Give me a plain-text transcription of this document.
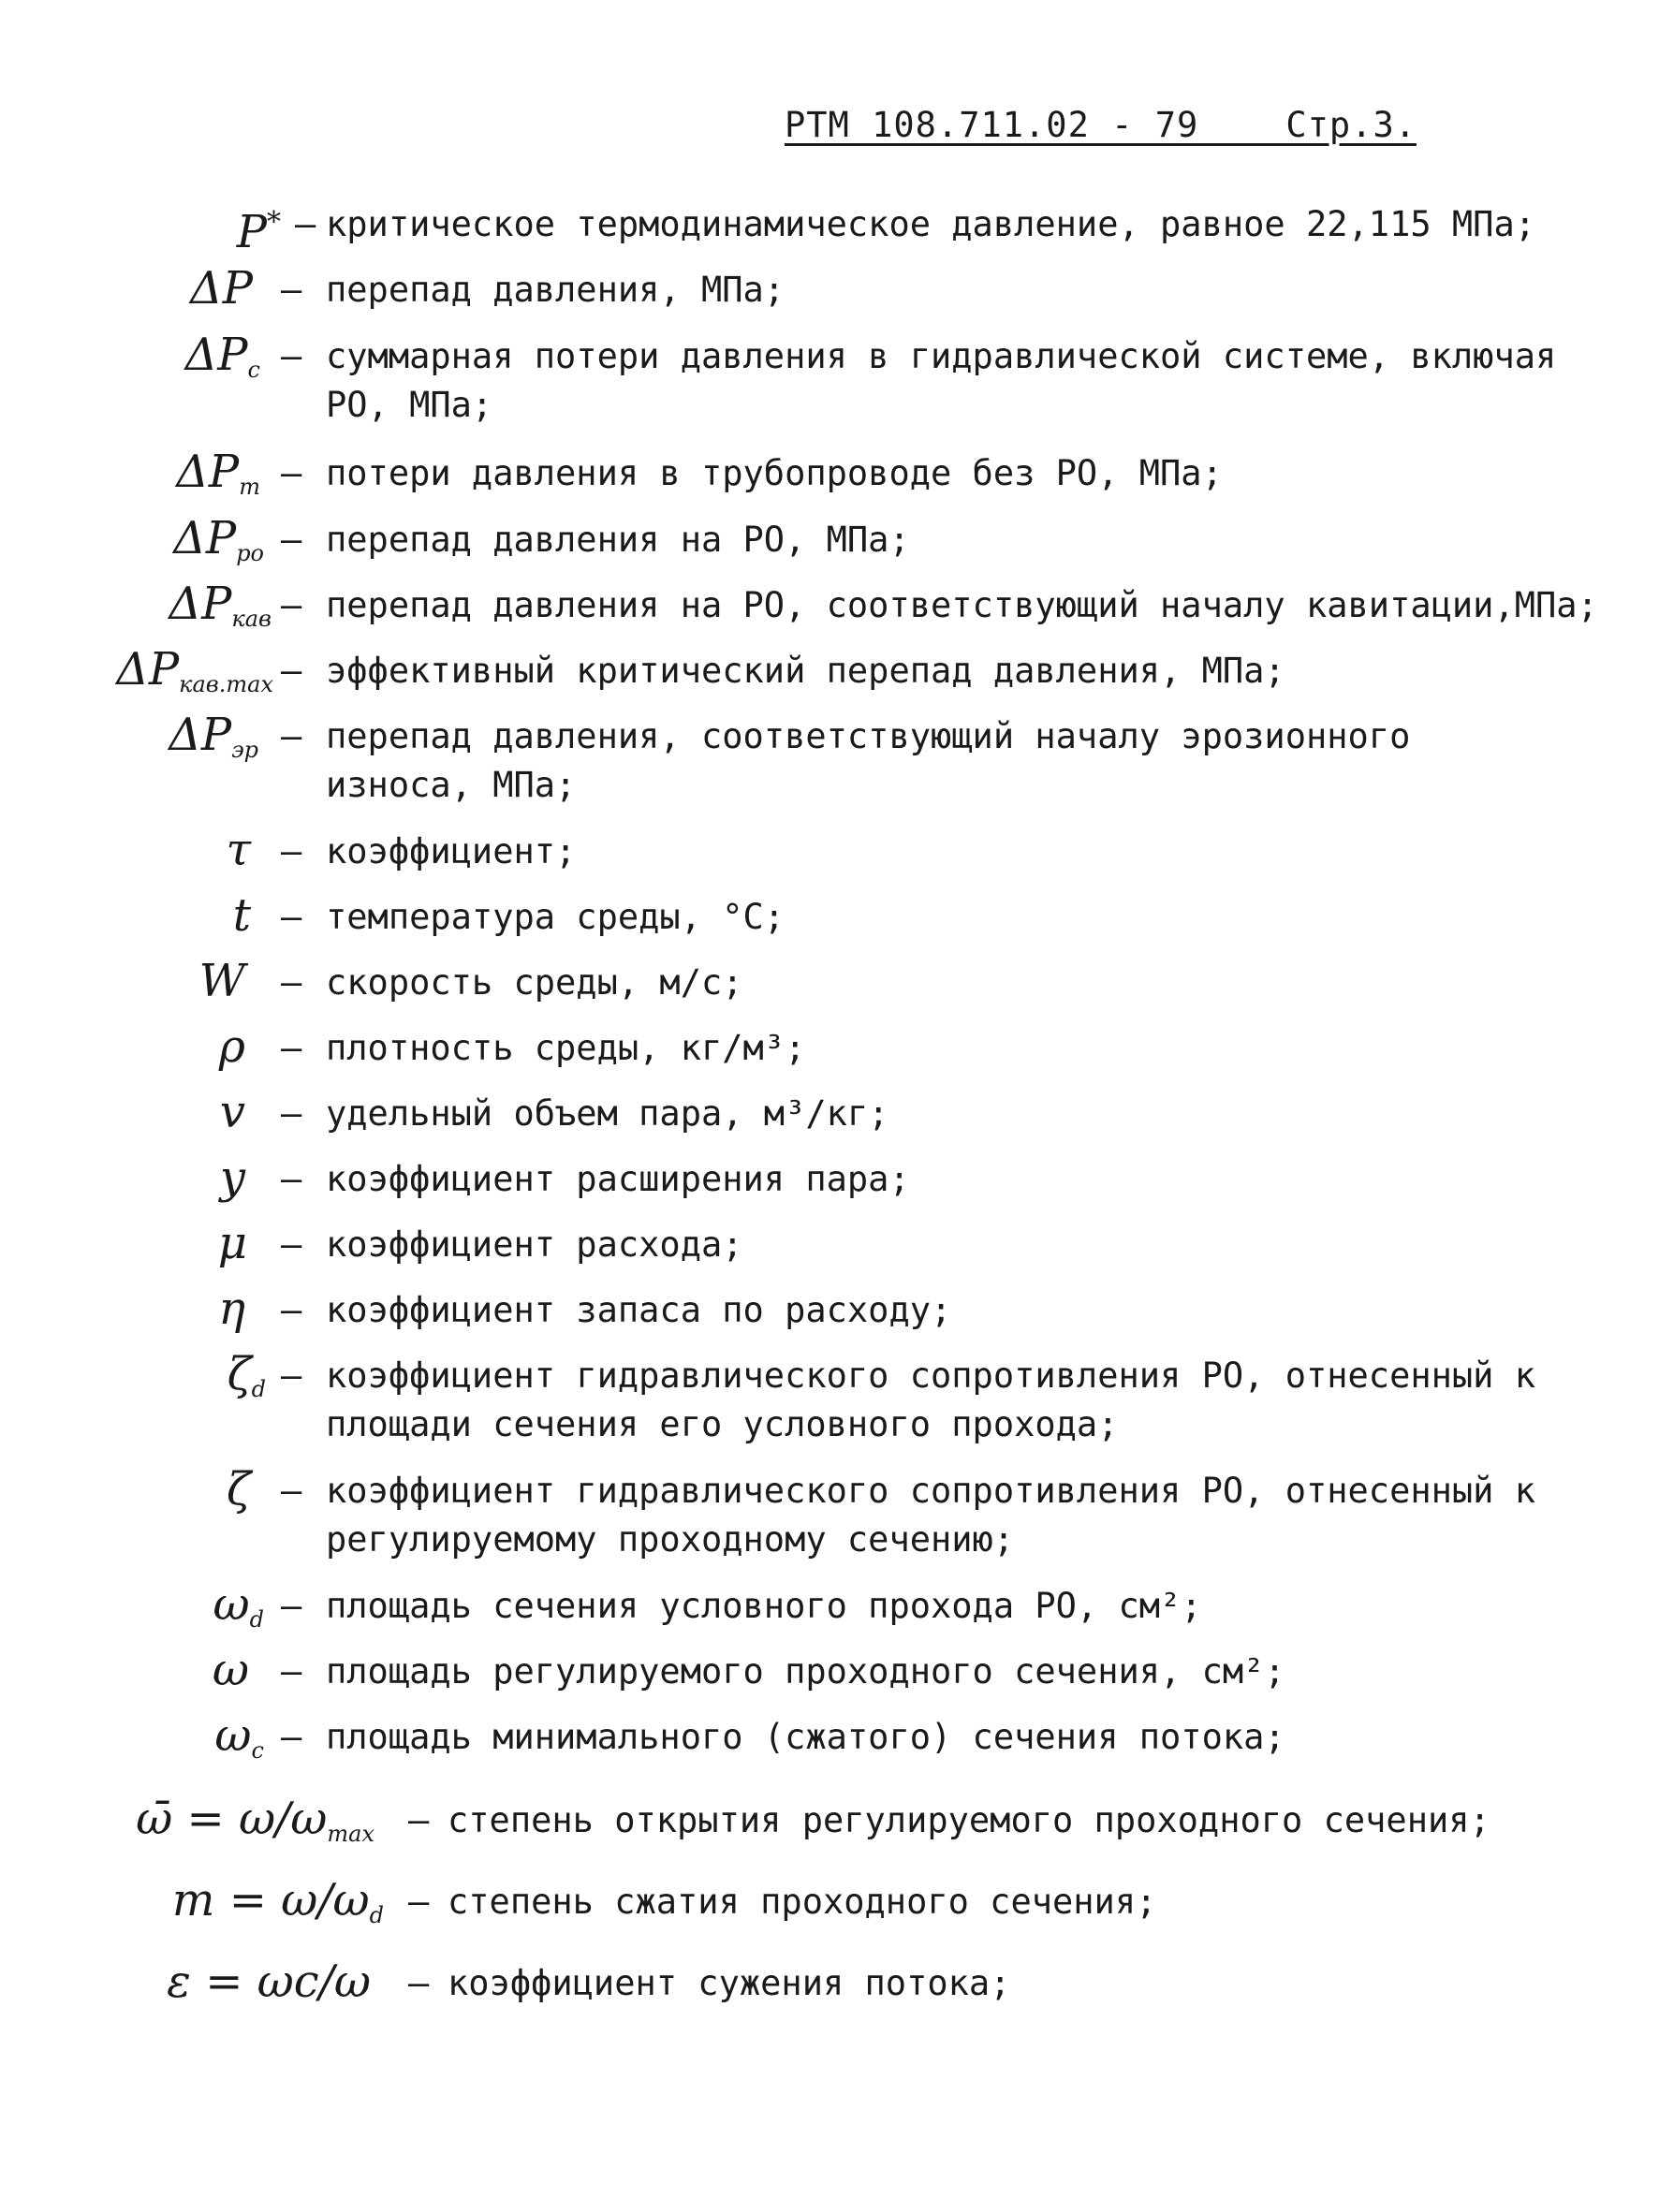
РТМ 108.711.02 - 79    Стр.3.
P* – критическое термодинамическое давление, равное 22,115 МПа;
ΔP – перепад давления, МПа;
$\Delta P_c$ – суммарная потери давления в гидравлической системе, включая РО, МПа;
$\Delta P_т$ – потери давления в трубопроводе без РО, МПа;
$\Delta P_{ро}$ – перепад давления на РО, МПа;
$\Delta P_{кав}$ – перепад давления на РО, соответствующий началу кавитации,МПа;
$\Delta P_{кав.max}$ – эффективный критический перепад давления, МПа;
$\Delta P_{эр}$ – перепад давления, соответствующий началу эрозионного износа, МПа;
τ – коэффициент;
t – температура среды, °С;
W – скорость среды, м/с;
ρ – плотность среды, кг/м³;
v – удельный объем пара, м³/кг;
y – коэффициент расширения пара;
μ – коэффициент расхода;
η – коэффициент запаса по расходу;
$\zeta_d$ – коэффициент гидравлического сопротивления РО, отнесенный к площади сечения его условного прохода;
ζ – коэффициент гидравлического сопротивления РО, отнесенный к регулируемому проходному сечению;
$\omega_d$ – площадь сечения условного прохода РО, см²;
ω – площадь регулируемого проходного сечения, см²;
$\omega_c$ – площадь минимального (сжатого) сечения потока;
ω̄ = $\omega/\omega_{max}$ – степень открытия регулируемого проходного сечения;
$m = \omega/\omega_d$ – степень сжатия проходного сечения;
ε = ωc/ω – коэффициент сужения потока;
